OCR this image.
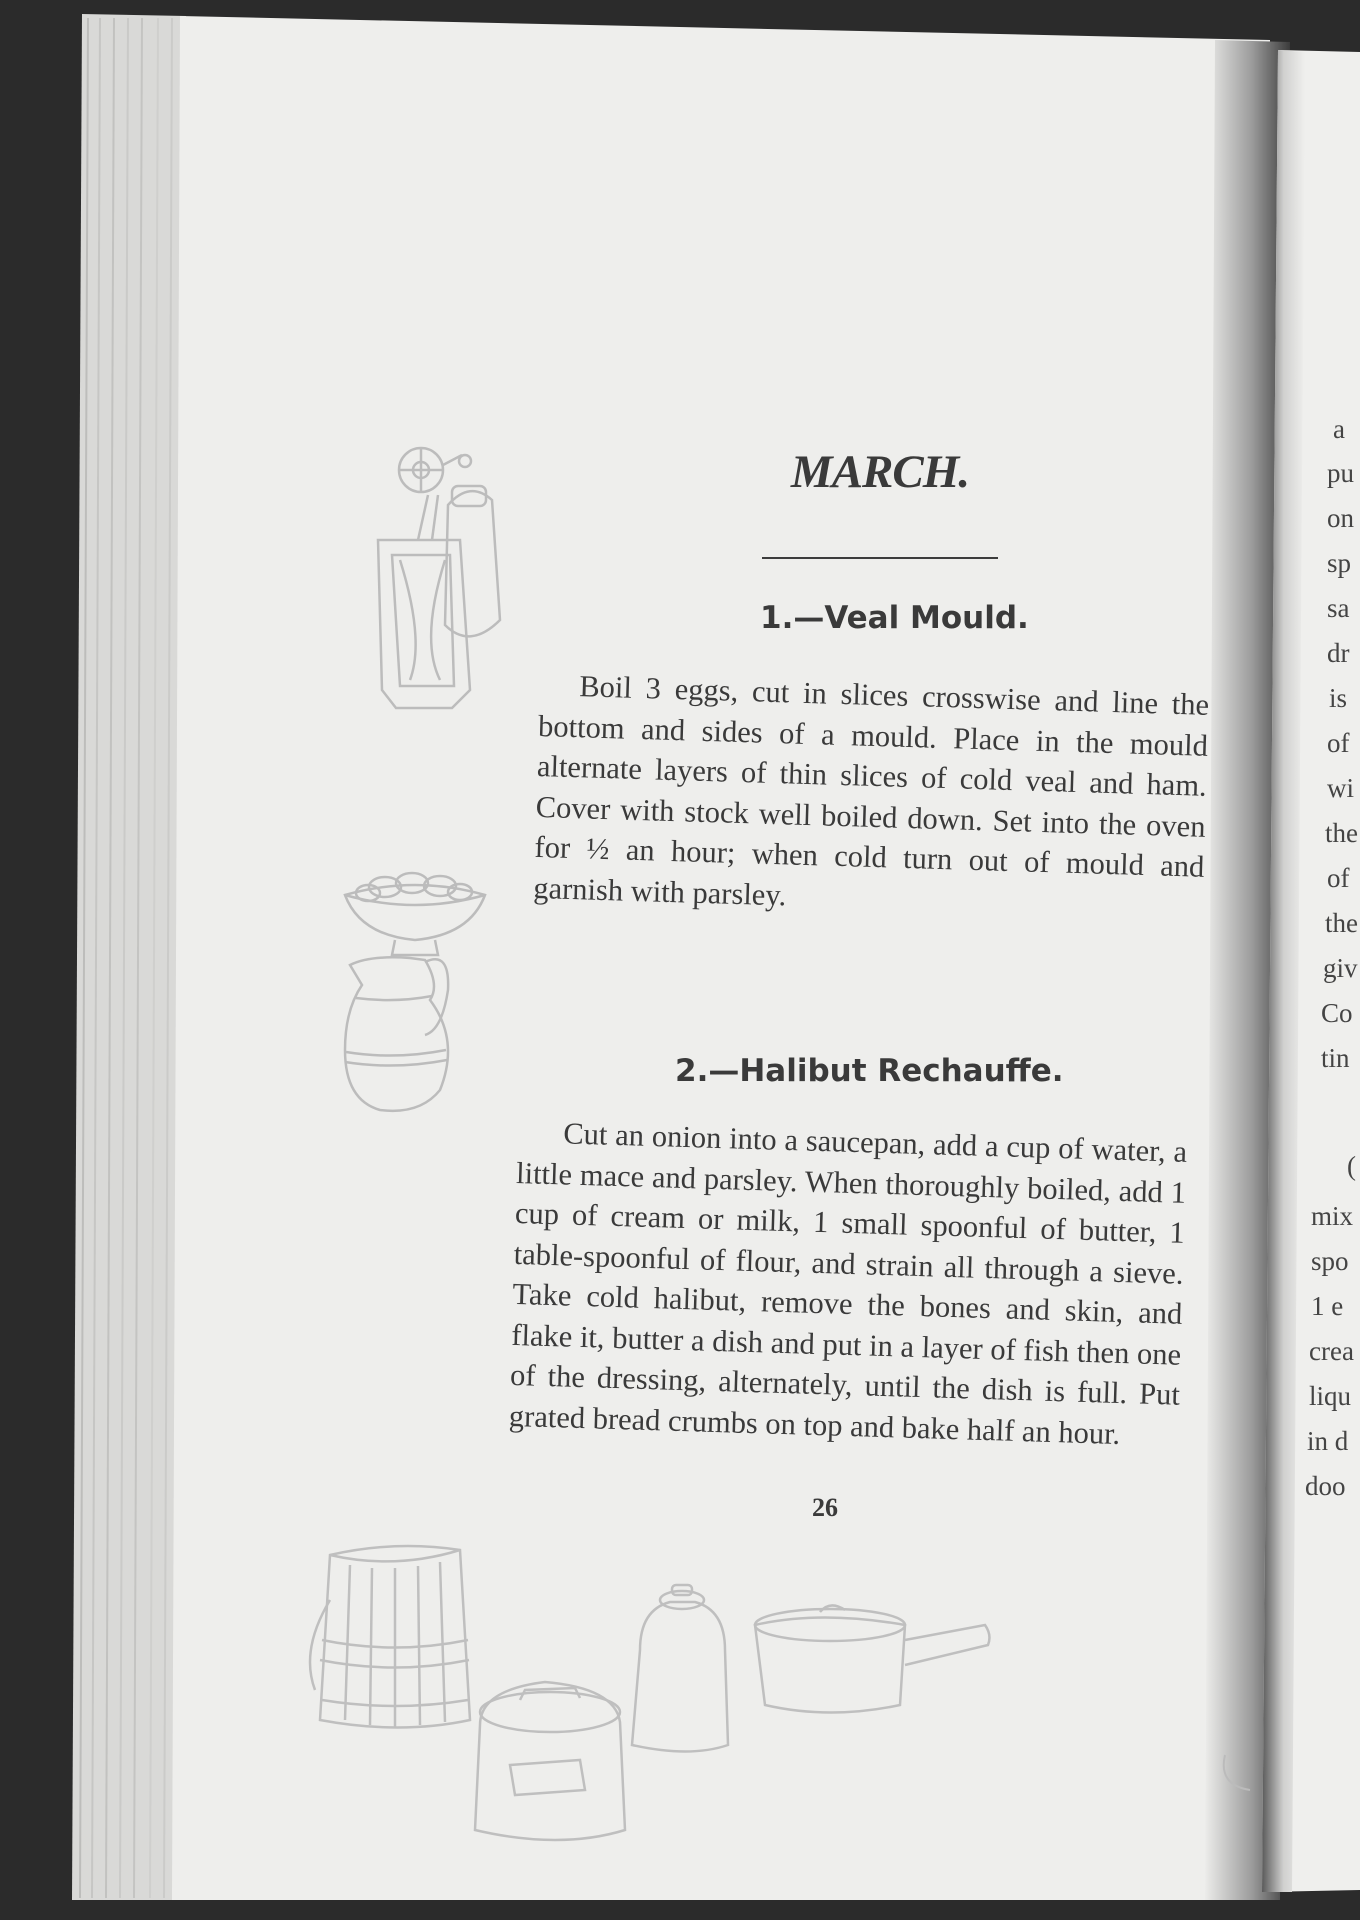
a
pu
on
sp
sa
dr
is
of
wi
the
of
the
giv
Co
tin
(
mix
spo
1 e
crea
liqu
in d
doo
MARCH.
1.—Veal Mould.
Boil 3 eggs, cut in slices crosswise and line the bottom and sides of a mould. Place in the mould alternate layers of thin slices of cold veal and ham. Cover with stock well boiled down. Set into the oven for ½ an hour; when cold turn out of mould and garnish with parsley.
2.—Halibut Rechauffe.
Cut an onion into a saucepan, add a cup of water, a little mace and parsley. When thoroughly boiled, add 1 cup of cream or milk, 1 small spoonful of butter, 1 table-spoonful of flour, and strain all through a sieve. Take cold halibut, remove the bones and skin, and flake it, butter a dish and put in a layer of fish then one of the dressing, alternately, until the dish is full. Put grated bread crumbs on top and bake half an hour.
26
